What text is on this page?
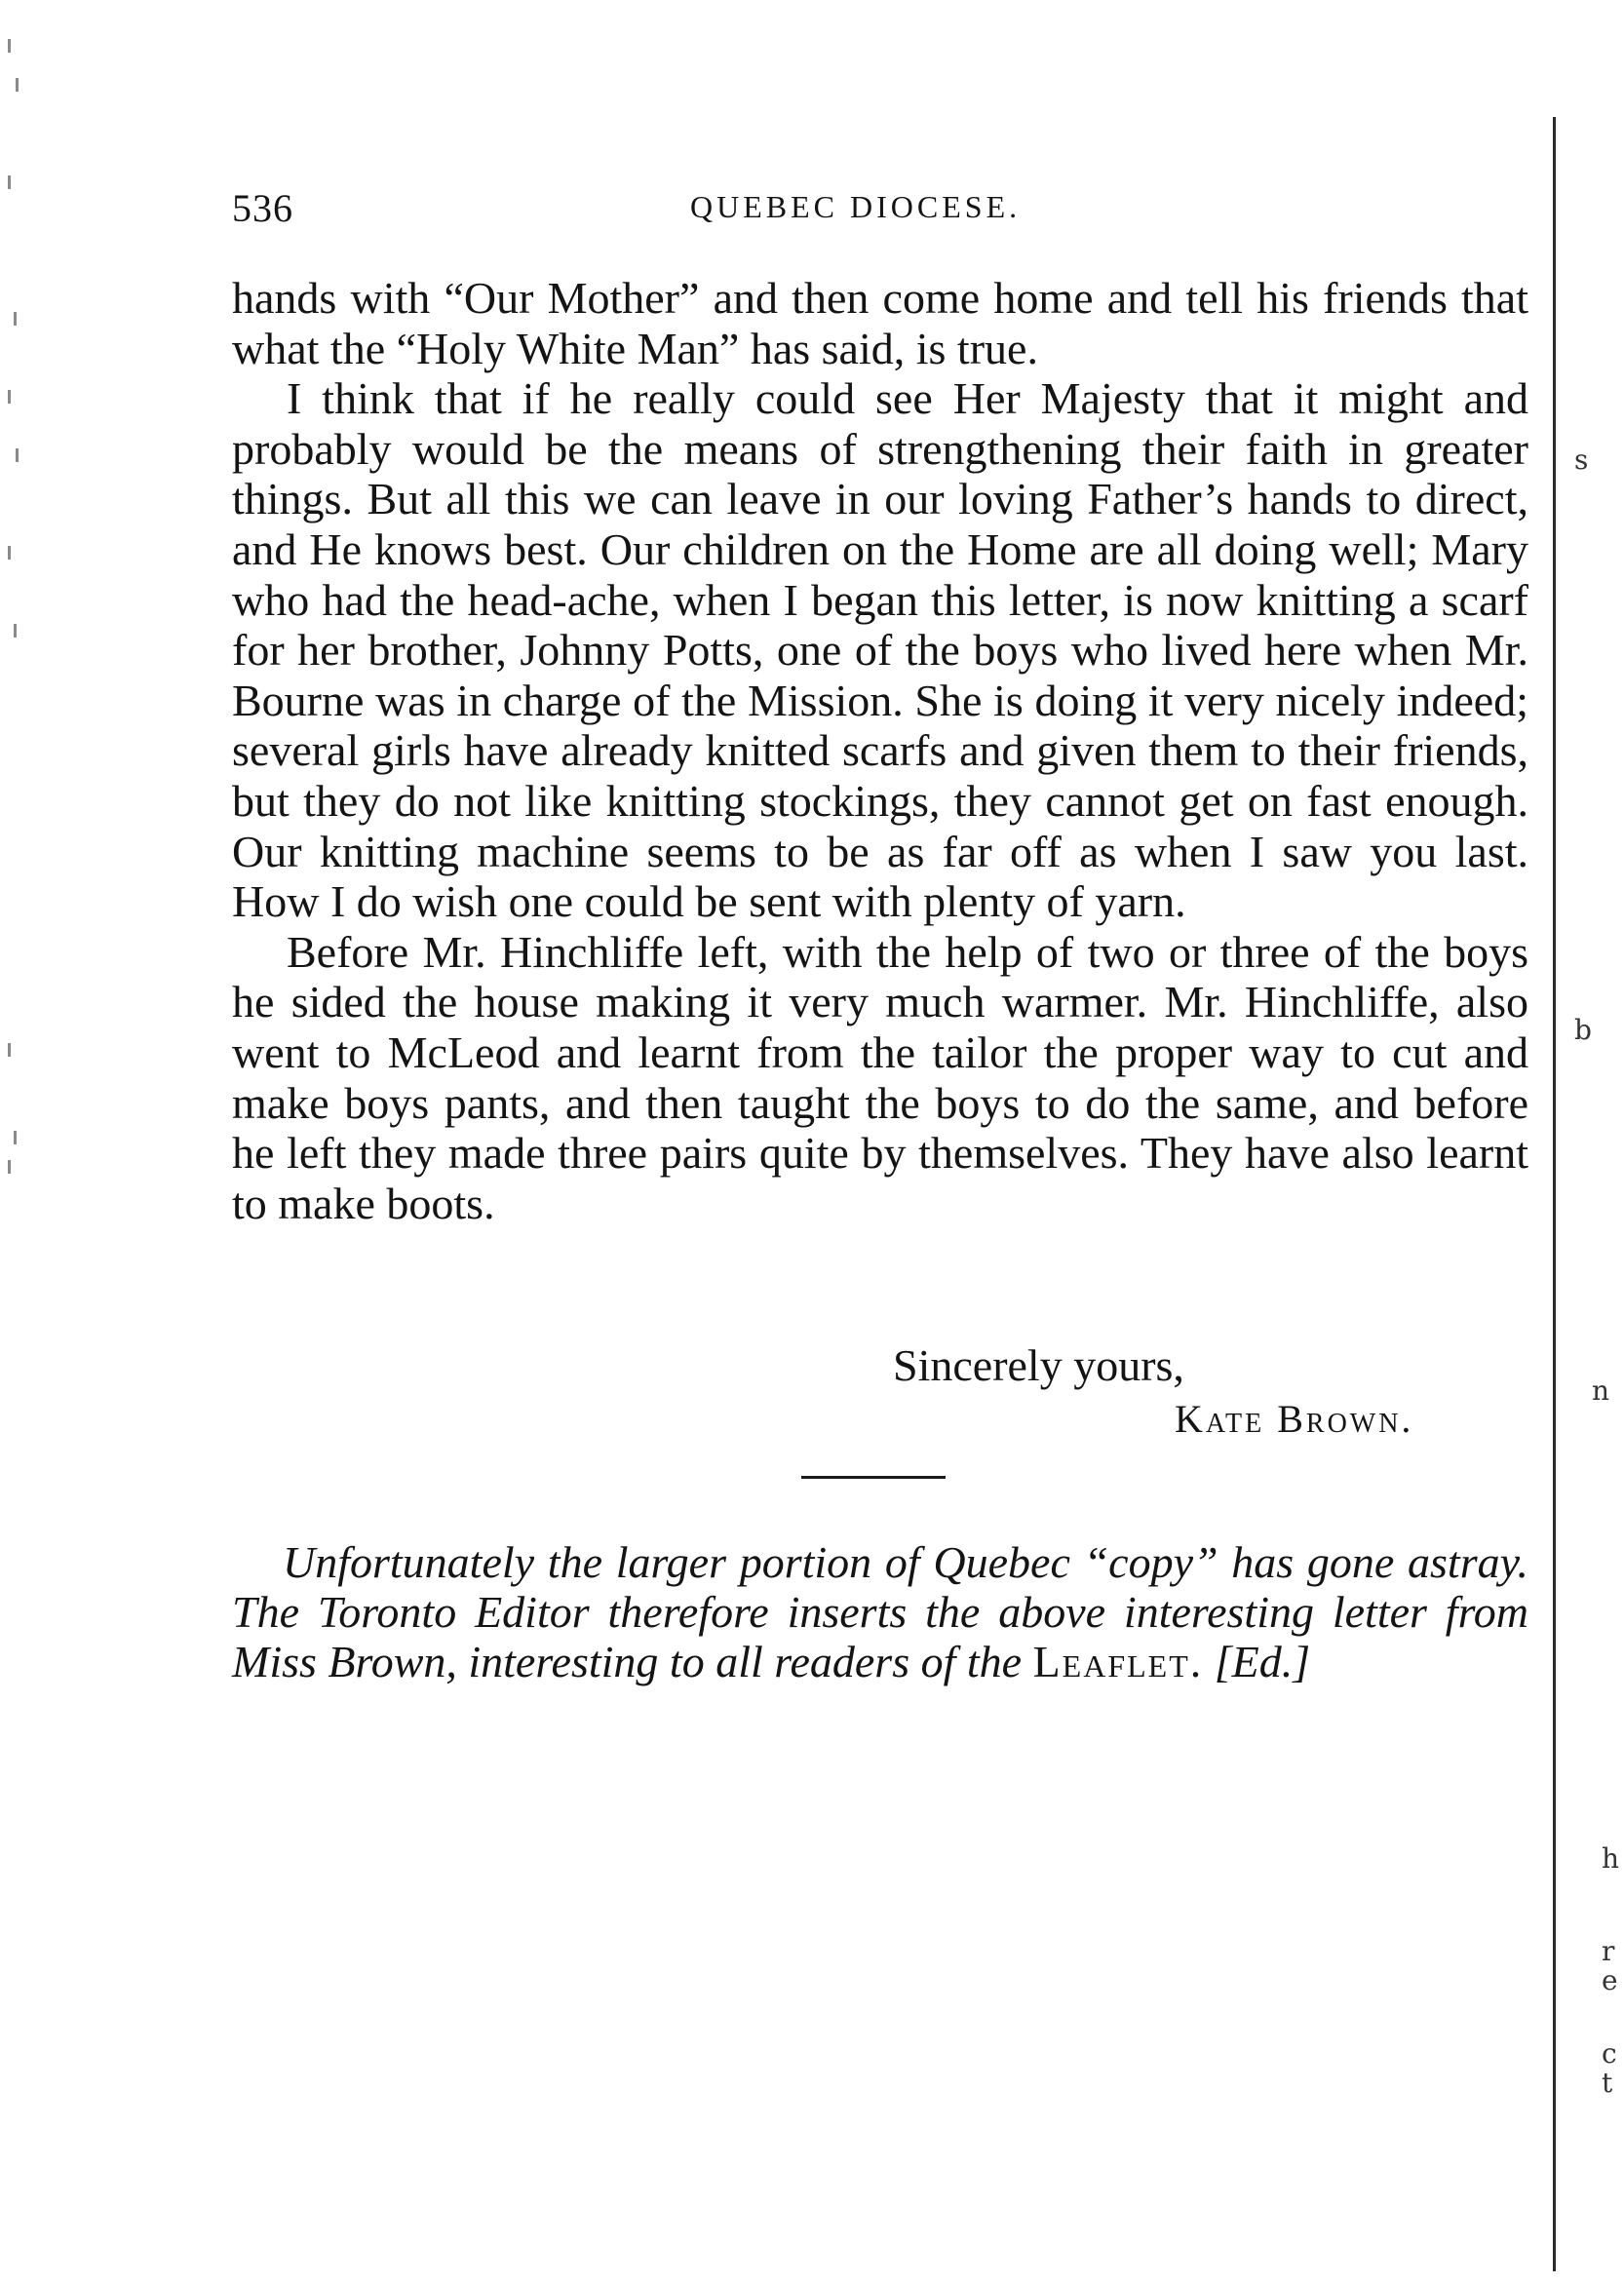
536	QUEBEC DIOCESE.

hands with “Our Mother” and then come home and tell his friends that what the “Holy White Man” has said, is true.

I think that if he really could see Her Majesty that it might and probably would be the means of strengthening their faith in greater things. But all this we can leave in our loving Father’s hands to direct, and He knows best. Our children on the Home are all doing well; Mary who had the head-ache, when I began this letter, is now knitting a scarf for her brother, Johnny Potts, one of the boys who lived here when Mr. Bourne was in charge of the Mission. She is doing it very nicely indeed; several girls have already knitted scarfs and given them to their friends, but they do not like knitting stockings, they cannot get on fast enough. Our knitting machine seems to be as far off as when I saw you last. How I do wish one could be sent with plenty of yarn.

Before Mr. Hinchliffe left, with the help of two or three of the boys he sided the house making it very much warmer. Mr. Hinchliffe, also went to McLeod and learnt from the tailor the proper way to cut and make boys pants, and then taught the boys to do the same, and before he left they made three pairs quite by themselves. They have also learnt to make boots.

Sincerely yours,
Kate Brown.
Unfortunately the larger portion of Quebec “copy” has gone astray. The Toronto Editor therefore inserts the above interesting letter from Miss Brown, interesting to all readers of the Leaflet. [Ed.]
s
h
c
e
t
r
b
n
